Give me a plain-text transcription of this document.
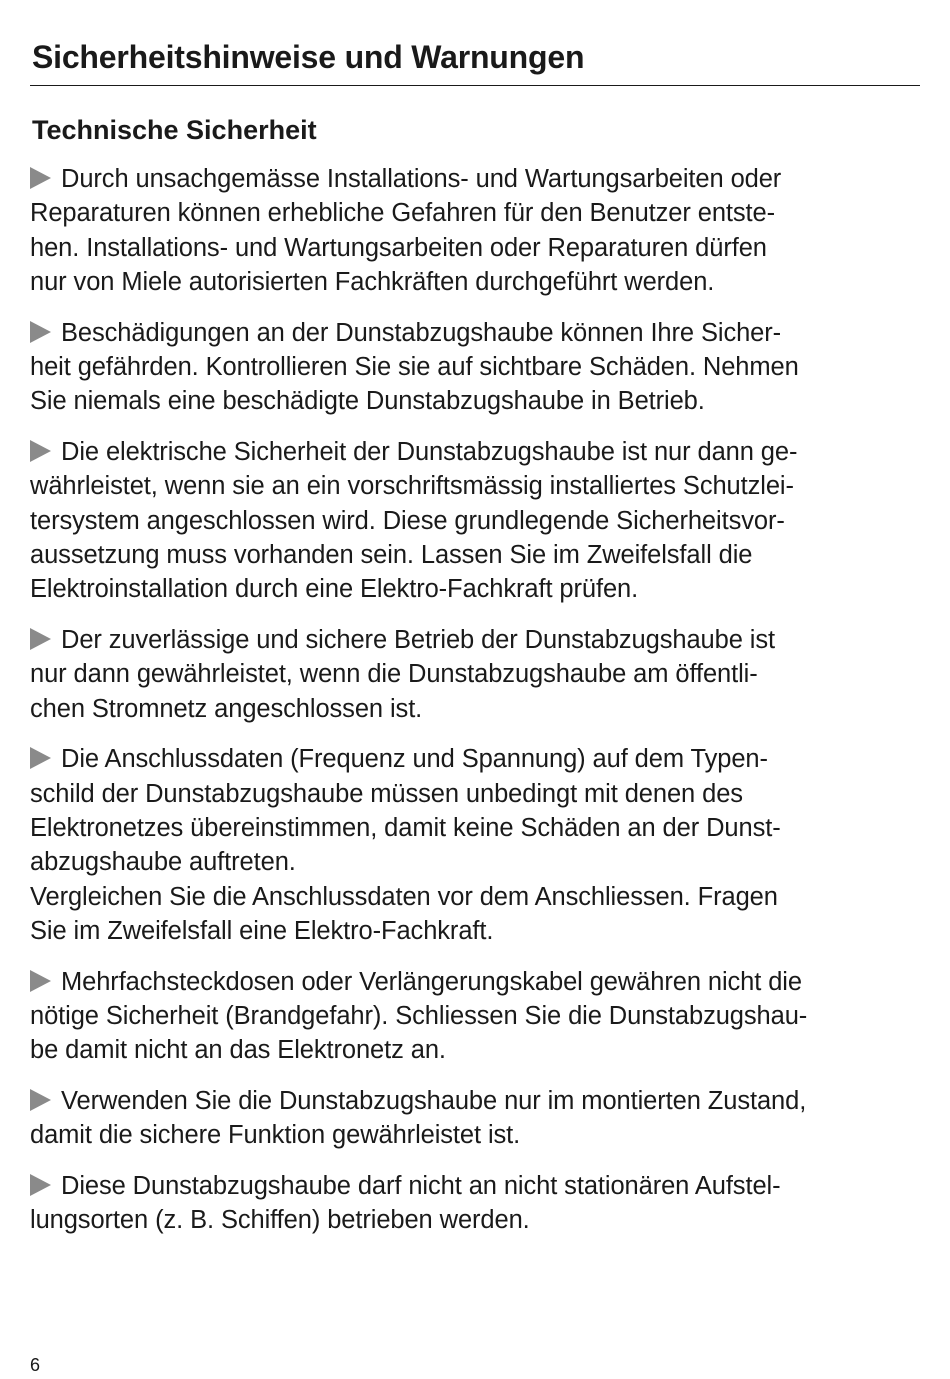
Sicherheitshinweise und Warnungen
Technische Sicherheit

Durch unsachgemässe Installations- und Wartungsarbeiten oder
Reparaturen können erhebliche Gefahren für den Benutzer entste-
hen. Installations- und Wartungsarbeiten oder Reparaturen dürfen
nur von Miele autorisierten Fachkräften durchgeführt werden.

Beschädigungen an der Dunstabzugshaube können Ihre Sicher-
heit gefährden. Kontrollieren Sie sie auf sichtbare Schäden. Nehmen
Sie niemals eine beschädigte Dunstabzugshaube in Betrieb.

Die elektrische Sicherheit der Dunstabzugshaube ist nur dann ge-
währleistet, wenn sie an ein vorschriftsmässig installiertes Schutzlei-
tersystem angeschlossen wird. Diese grundlegende Sicherheitsvor-
aussetzung muss vorhanden sein. Lassen Sie im Zweifelsfall die
Elektroinstallation durch eine Elektro-Fachkraft prüfen.

Der zuverlässige und sichere Betrieb der Dunstabzugshaube ist
nur dann gewährleistet, wenn die Dunstabzugshaube am öffentli-
chen Stromnetz angeschlossen ist.

Die Anschlussdaten (Frequenz und Spannung) auf dem Typen-
schild der Dunstabzugshaube müssen unbedingt mit denen des
Elektronetzes übereinstimmen, damit keine Schäden an der Dunst-
abzugshaube auftreten.
Vergleichen Sie die Anschlussdaten vor dem Anschliessen. Fragen
Sie im Zweifelsfall eine Elektro-Fachkraft.

Mehrfachsteckdosen oder Verlängerungskabel gewähren nicht die
nötige Sicherheit (Brandgefahr). Schliessen Sie die Dunstabzugshau-
be damit nicht an das Elektronetz an.

Verwenden Sie die Dunstabzugshaube nur im montierten Zustand,
damit die sichere Funktion gewährleistet ist.

Diese Dunstabzugshaube darf nicht an nicht stationären Aufstel-
lungsorten (z. B. Schiffen) betrieben werden.

6
